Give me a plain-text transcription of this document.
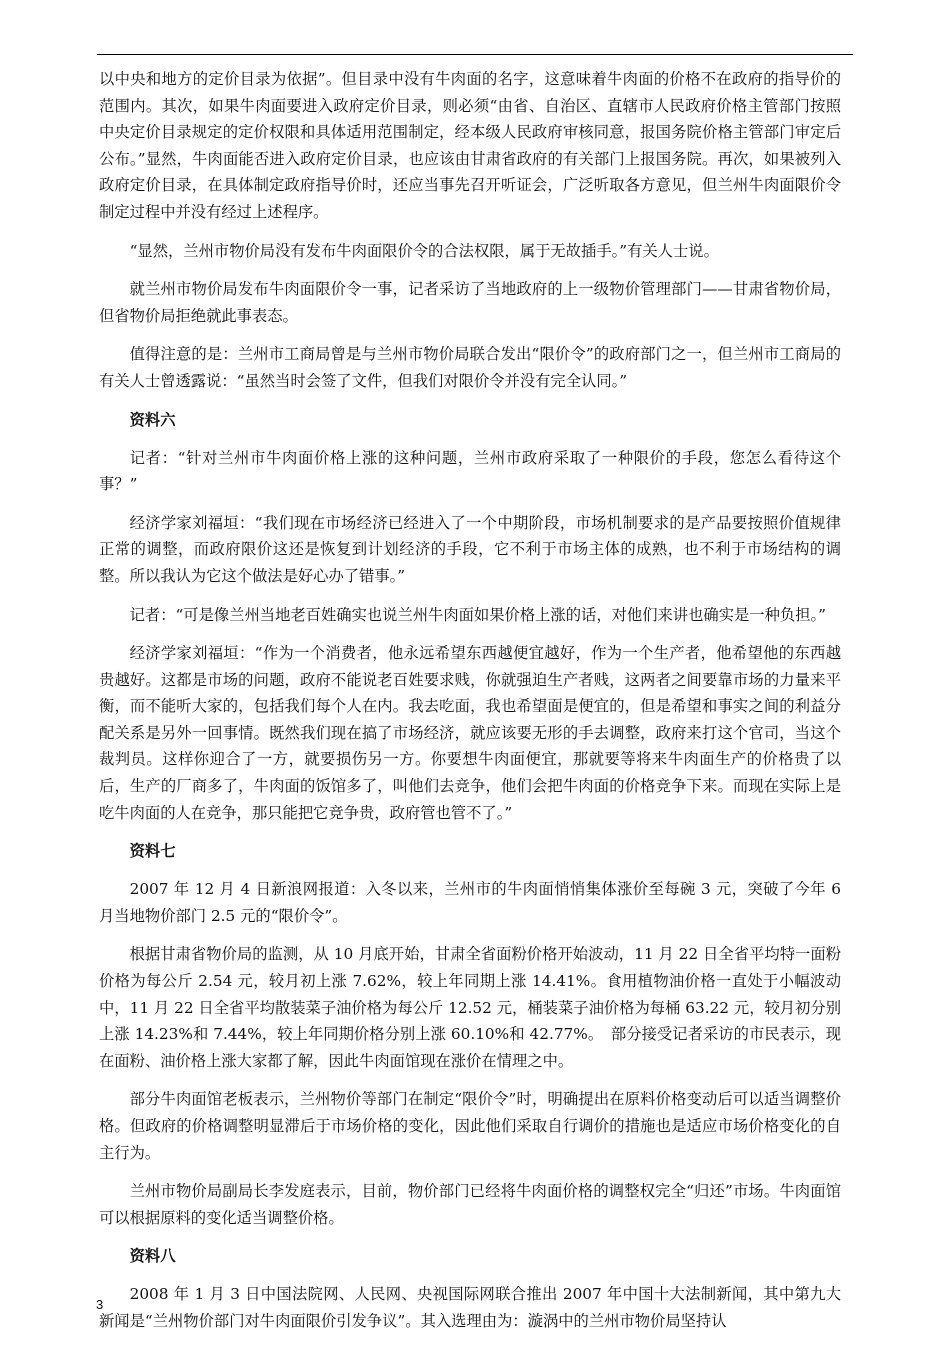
以中央和地方的定价目录为依据”。但目录中没有牛肉面的名字，这意味着牛肉面的价格不在政府的指导价的范围内。其次，如果牛肉面要进入政府定价目录，则必须“由省、自治区、直辖市人民政府价格主管部门按照中央定价目录规定的定价权限和具体适用范围制定，经本级人民政府审核同意，报国务院价格主管部门审定后公布。”显然，牛肉面能否进入政府定价目录，也应该由甘肃省政府的有关部门上报国务院。再次，如果被列入政府定价目录，在具体制定政府指导价时，还应当事先召开听证会，广泛听取各方意见，但兰州牛肉面限价令制定过程中并没有经过上述程序。

“显然，兰州市物价局没有发布牛肉面限价令的合法权限，属于无故插手。”有关人士说。

就兰州市物价局发布牛肉面限价令一事，记者采访了当地政府的上一级物价管理部门——甘肃省物价局，但省物价局拒绝就此事表态。

值得注意的是：兰州市工商局曾是与兰州市物价局联合发出“限价令”的政府部门之一，但兰州市工商局的有关人士曾透露说：“虽然当时会签了文件，但我们对限价令并没有完全认同。”

资料六

记者：“针对兰州市牛肉面价格上涨的这种问题，兰州市政府采取了一种限价的手段，您怎么看待这个事？”

经济学家刘福垣：“我们现在市场经济已经进入了一个中期阶段，市场机制要求的是产品要按照价值规律正常的调整，而政府限价这还是恢复到计划经济的手段，它不利于市场主体的成熟，也不利于市场结构的调整。所以我认为它这个做法是好心办了错事。”

记者：“可是像兰州当地老百姓确实也说兰州牛肉面如果价格上涨的话，对他们来讲也确实是一种负担。”

经济学家刘福垣：“作为一个消费者，他永远希望东西越便宜越好，作为一个生产者，他希望他的东西越贵越好。这都是市场的问题，政府不能说老百姓要求贱，你就强迫生产者贱，这两者之间要靠市场的力量来平衡，而不能听大家的，包括我们每个人在内。我去吃面，我也希望面是便宜的，但是希望和事实之间的利益分配关系是另外一回事情。既然我们现在搞了市场经济，就应该要无形的手去调整，政府来打这个官司，当这个裁判员。这样你迎合了一方，就要损伤另一方。你要想牛肉面便宜，那就要等将来牛肉面生产的价格贵了以后，生产的厂商多了，牛肉面的饭馆多了，叫他们去竞争，他们会把牛肉面的价格竞争下来。而现在实际上是吃牛肉面的人在竞争，那只能把它竞争贵，政府管也管不了。”

资料七

2007 年 12 月 4 日新浪网报道：入冬以来，兰州市的牛肉面悄悄集体涨价至每碗 3 元，突破了今年 6 月当地物价部门 2.5 元的“限价令”。

根据甘肃省物价局的监测，从 10 月底开始，甘肃全省面粉价格开始波动，11 月 22 日全省平均特一面粉价格为每公斤 2.54 元，较月初上涨 7.62%，较上年同期上涨 14.41%。食用植物油价格一直处于小幅波动中，11 月 22 日全省平均散装菜子油价格为每公斤 12.52 元，桶装菜子油价格为每桶 63.22 元，较月初分别上涨 14.23%和 7.44%，较上年同期价格分别上涨 60.10%和 42.77%。　部分接受记者采访的市民表示，现在面粉、油价格上涨大家都了解，因此牛肉面馆现在涨价在情理之中。

部分牛肉面馆老板表示，兰州物价等部门在制定“限价令”时，明确提出在原料价格变动后可以适当调整价格。但政府的价格调整明显滞后于市场价格的变化，因此他们采取自行调价的措施也是适应市场价格变化的自主行为。

兰州市物价局副局长李发庭表示，目前，物价部门已经将牛肉面价格的调整权完全“归还”市场。牛肉面馆可以根据原料的变化适当调整价格。

资料八

2008 年 1 月 3 日中国法院网、人民网、央视国际网联合推出 2007 年中国十大法制新闻，其中第九大新闻是“兰州物价部门对牛肉面限价引发争议”。其入选理由为：漩涡中的兰州市物价局坚持认

3
